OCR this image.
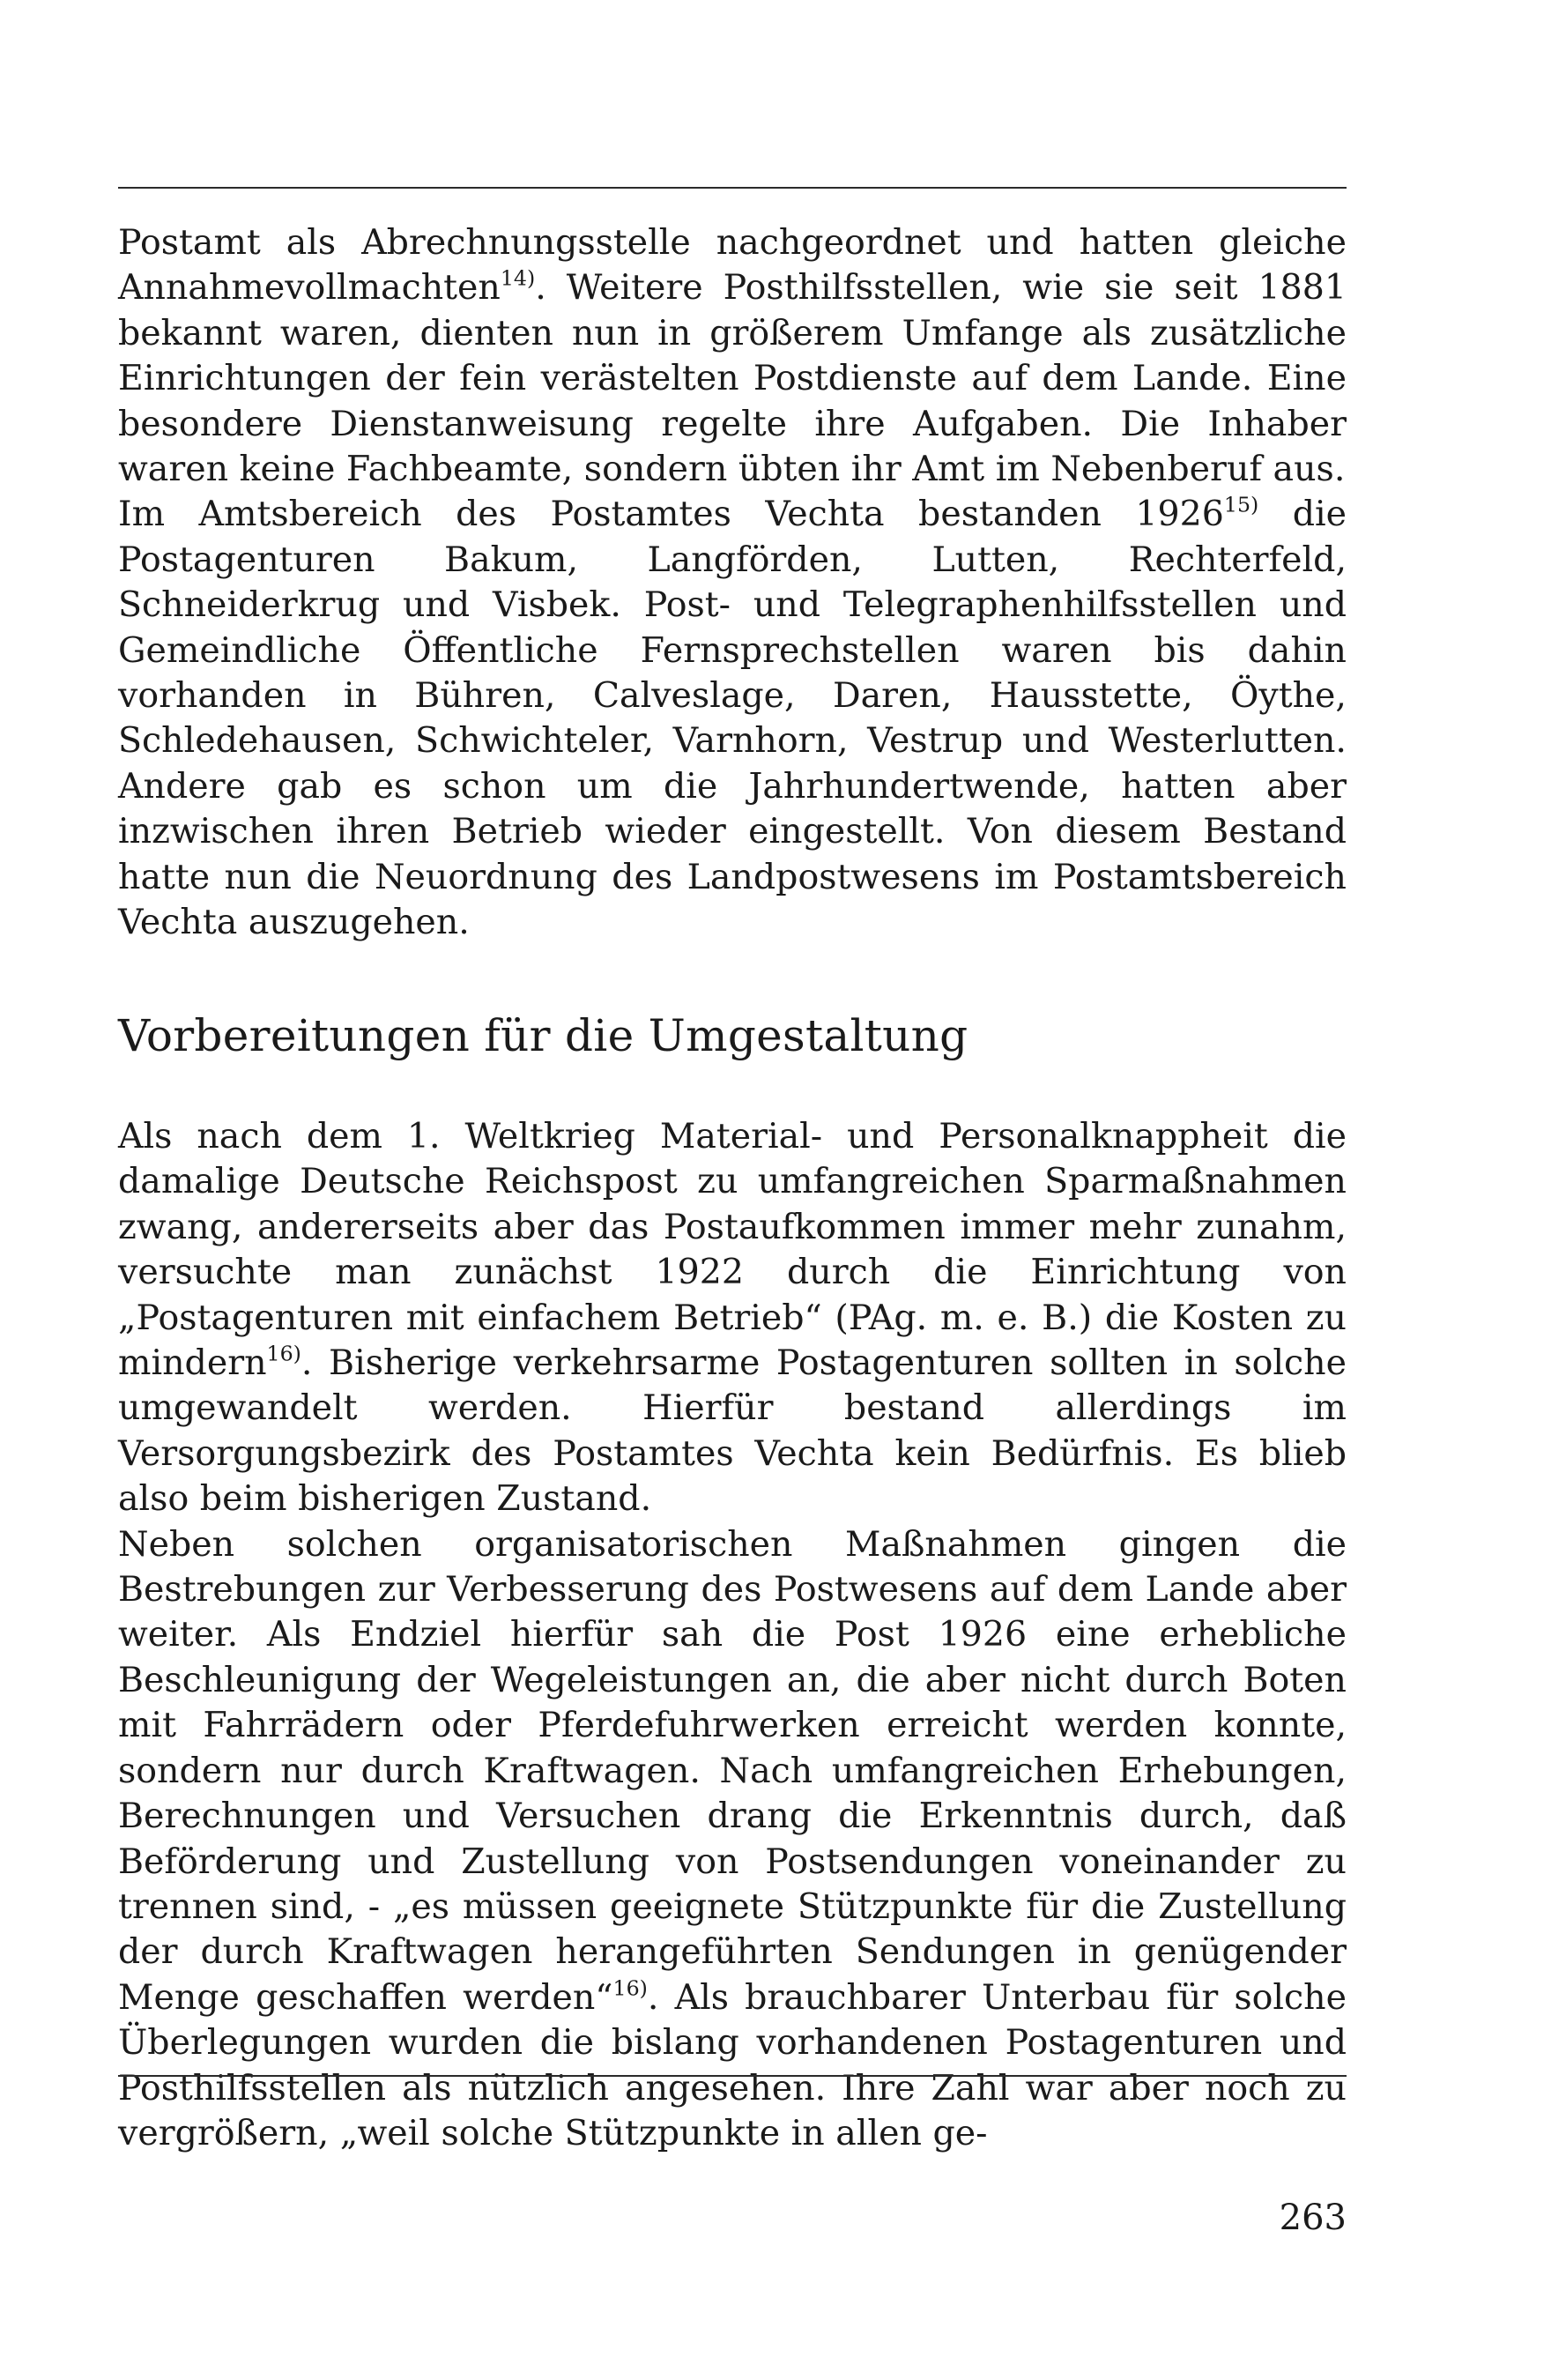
Postamt als Abrechnungsstelle nachgeordnet und hatten gleiche Annahmevollmachten$^{14)}$. Weitere Posthilfsstellen, wie sie seit 1881 bekannt waren, dienten nun in größerem Umfange als zusätzliche Einrichtungen der fein verästelten Postdienste auf dem Lande. Eine besondere Dienstanweisung regelte ihre Aufgaben. Die Inhaber waren keine Fachbeamte, sondern übten ihr Amt im Nebenberuf aus.

Im Amtsbereich des Postamtes Vechta bestanden 1926$^{15)}$ die Postagenturen Bakum, Langförden, Lutten, Rechterfeld, Schneiderkrug und Visbek. Post- und Telegraphenhilfsstellen und Gemeindliche Öffentliche Fernsprechstellen waren bis dahin vorhanden in Bühren, Calveslage, Daren, Hausstette, Öythe, Schledehausen, Schwichteler, Varnhorn, Vestrup und Westerlutten. Andere gab es schon um die Jahrhundertwende, hatten aber inzwischen ihren Betrieb wieder eingestellt. Von diesem Bestand hatte nun die Neuordnung des Landpostwesens im Postamtsbereich Vechta auszugehen.

Vorbereitungen für die Umgestaltung

Als nach dem 1. Weltkrieg Material- und Personalknappheit die damalige Deutsche Reichspost zu umfangreichen Sparmaßnahmen zwang, andererseits aber das Postaufkommen immer mehr zunahm, versuchte man zunächst 1922 durch die Einrichtung von „Postagenturen mit einfachem Betrieb“ (PAg. m. e. B.) die Kosten zu mindern$^{16)}$. Bisherige verkehrsarme Postagenturen sollten in solche umgewandelt werden. Hierfür bestand allerdings im Versorgungsbezirk des Postamtes Vechta kein Bedürfnis. Es blieb also beim bisherigen Zustand.

Neben solchen organisatorischen Maßnahmen gingen die Bestrebungen zur Verbesserung des Postwesens auf dem Lande aber weiter. Als Endziel hierfür sah die Post 1926 eine erhebliche Beschleunigung der Wegeleistungen an, die aber nicht durch Boten mit Fahrrädern oder Pferdefuhrwerken erreicht werden konnte, sondern nur durch Kraftwagen. Nach umfangreichen Erhebungen, Berechnungen und Versuchen drang die Erkenntnis durch, daß Beförderung und Zustellung von Postsendungen voneinander zu trennen sind, - „es müssen geeignete Stützpunkte für die Zustellung der durch Kraftwagen herangeführten Sendungen in genügender Menge geschaffen werden“$^{16)}$. Als brauchbarer Unterbau für solche Überlegungen wurden die bislang vorhandenen Postagenturen und Posthilfsstellen als nützlich angesehen. Ihre Zahl war aber noch zu vergrößern, „weil solche Stützpunkte in allen ge-

263
